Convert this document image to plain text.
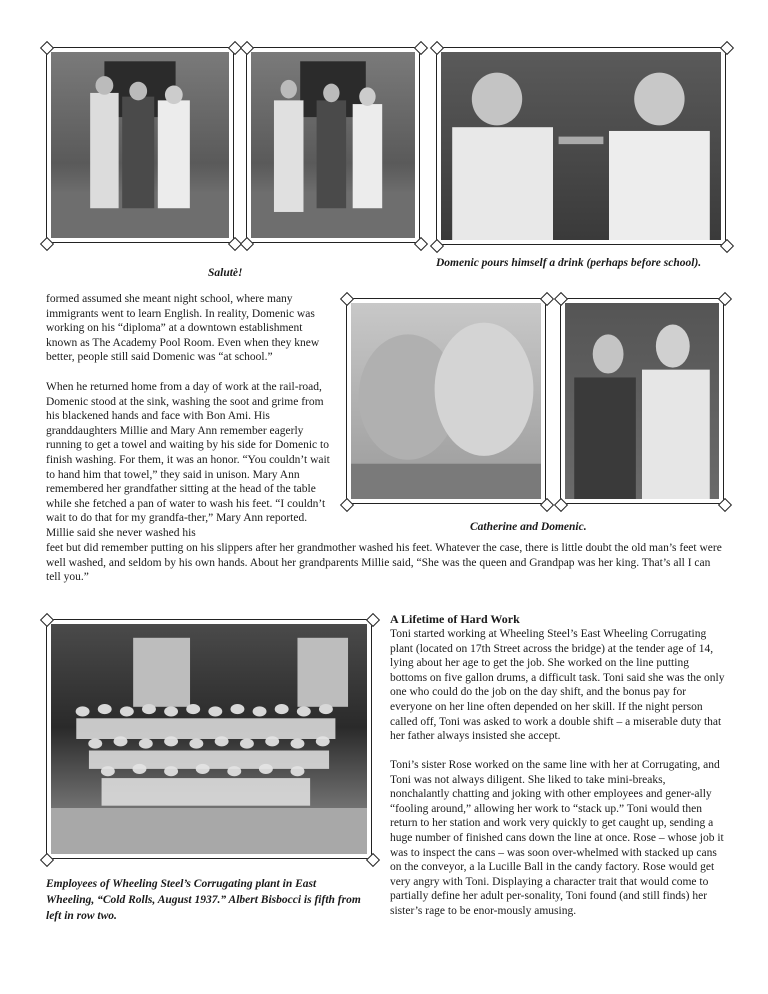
Salutè!
Domenic pours himself a drink (perhaps before school).
Catherine and Domenic.

formed assumed she meant night school, where many immigrants went to learn English. In reality, Domenic was working on his “diploma” at a downtown establishment known as The Academy Pool Room. Even when they knew better, people still said Domenic was “at school.”

When he returned home from a day of work at the rail-road, Domenic stood at the sink, washing the soot and grime from his blackened hands and face with Bon Ami. His granddaughters Millie and Mary Ann remember eagerly running to get a towel and waiting by his side for Domenic to finish washing. For them, it was an honor. “You couldn’t wait to hand him that towel,” they said in unison. Mary Ann remembered her grandfather sitting at the head of the table while she fetched a pan of water to wash his feet. “I couldn’t wait to do that for my grandfa-ther,” Mary Ann reported. Millie said she never washed his

feet but did remember putting on his slippers after her grandmother washed his feet. Whatever the case, there is little doubt the old man’s feet were well washed, and seldom by his own hands. About her grandparents Millie said, “She was the queen and Grandpap was her king. That’s all I can tell you.”

Employees of Wheeling Steel’s Corrugating plant in East Wheeling, “Cold Rolls, August 1937.” Albert Bisbocci is fifth from left in row two.
A Lifetime of Hard Work

Toni started working at Wheeling Steel’s East Wheeling Corrugating plant (located on 17th Street across the bridge) at the tender age of 14, lying about her age to get the job. She worked on the line putting bottoms on five gallon drums, a difficult task. Toni said she was the only one who could do the job on the day shift, and the bonus pay for everyone on her line often depended on her skill. If the night person called off, Toni was asked to work a double shift – a miserable duty that her father always insisted she accept.

Toni’s sister Rose worked on the same line with her at Corrugating, and Toni was not always diligent. She liked to take mini-breaks, nonchalantly chatting and joking with other employees and gener-ally “fooling around,” allowing her work to “stack up.” Toni would then return to her station and work very quickly to get caught up, sending a huge number of finished cans down the line at once. Rose – whose job it was to inspect the cans – was soon over-whelmed with stacked up cans on the conveyor, a la Lucille Ball in the candy factory. Rose would get very angry with Toni. Displaying a character trait that would come to partially define her adult per-sonality, Toni found (and still finds) her sister’s rage to be enor-mously amusing.
